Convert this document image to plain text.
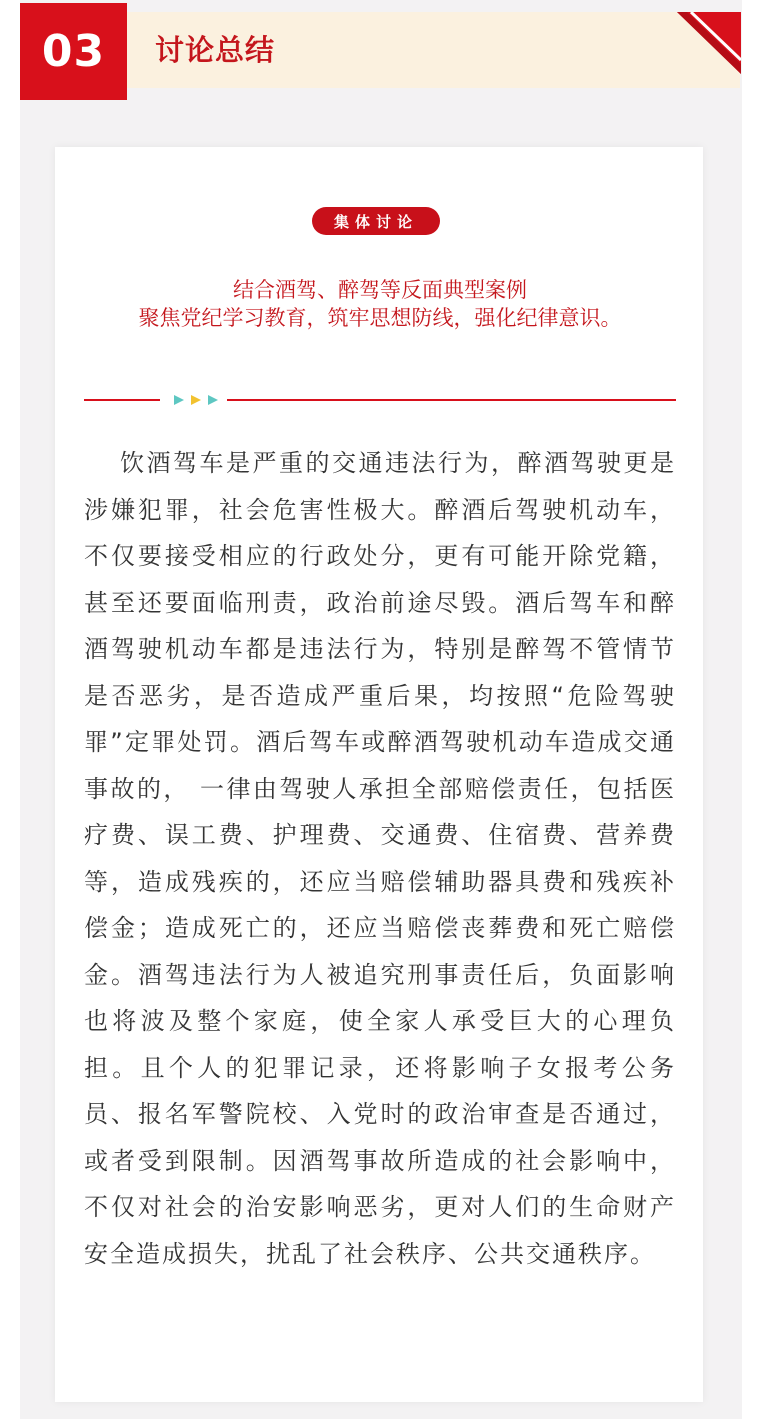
03	讨论总结
集体讨论
结合酒驾、醉驾等反面典型案例
聚焦党纪学习教育，筑牢思想防线，强化纪律意识。

饮酒驾车是严重的交通违法行为，醉酒驾驶更是涉嫌犯罪，社会危害性极大。醉酒后驾驶机动车，不仅要接受相应的行政处分，更有可能开除党籍，甚至还要面临刑责，政治前途尽毁。酒后驾车和醉酒驾驶机动车都是违法行为，特别是醉驾不管情节是否恶劣，是否造成严重后果，均按照“危险驾驶罪”定罪处罚。酒后驾车或醉酒驾驶机动车造成交通事故的， 一律由驾驶人承担全部赔偿责任，包括医疗费、误工费、护理费、交通费、住宿费、营养费等，造成残疾的，还应当赔偿辅助器具费和残疾补偿金；造成死亡的，还应当赔偿丧葬费和死亡赔偿金。酒驾违法行为人被追究刑事责任后，负面影响也将波及整个家庭，使全家人承受巨大的心理负担。且个人的犯罪记录，还将影响子女报考公务员、报名军警院校、入党时的政治审查是否通过，或者受到限制。因酒驾事故所造成的社会影响中，不仅对社会的治安影响恶劣，更对人们的生命财产安全造成损失，扰乱了社会秩序、公共交通秩序。
